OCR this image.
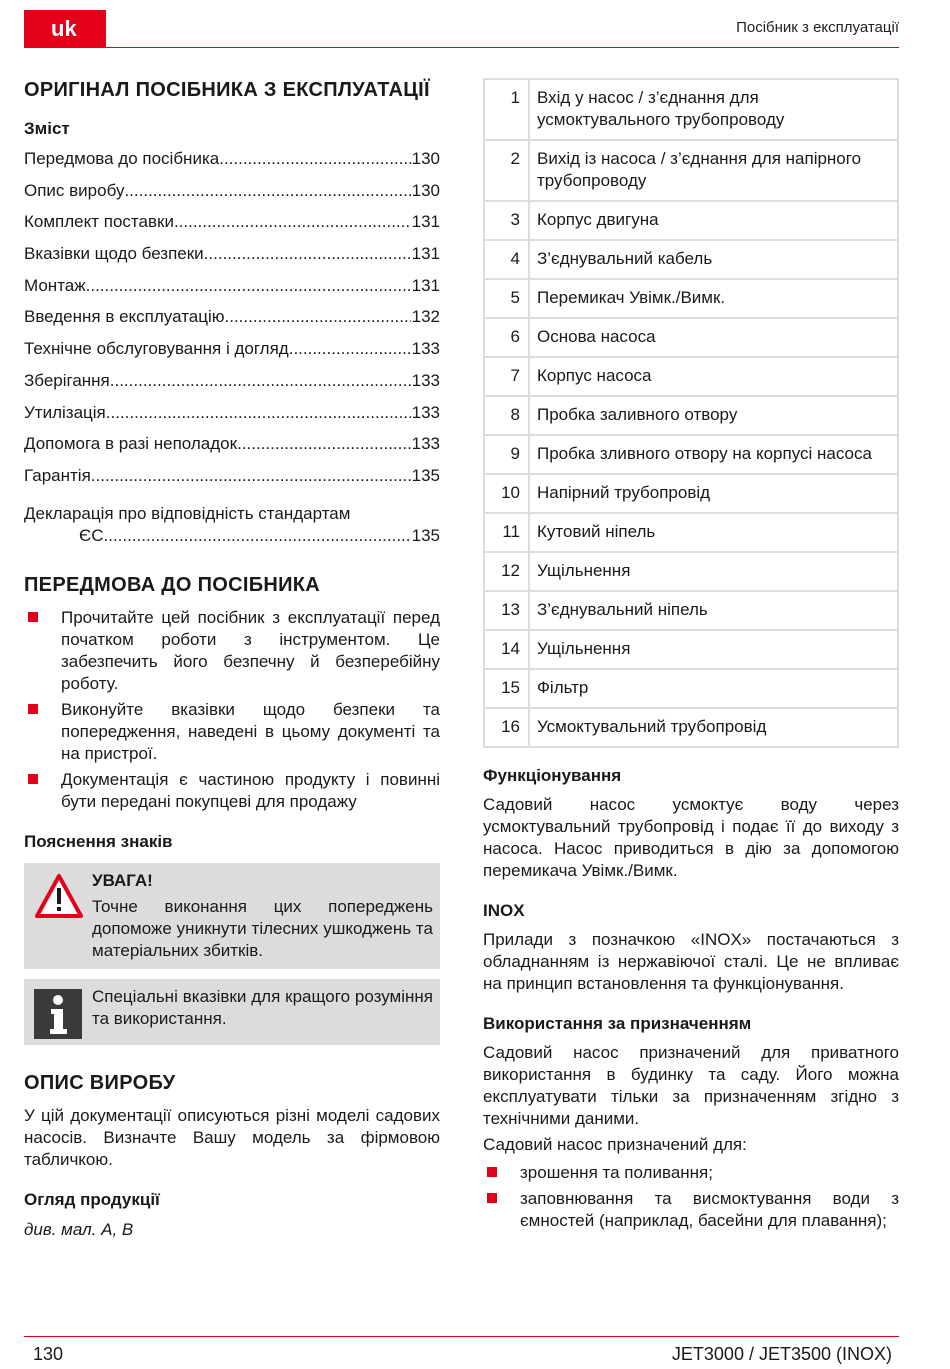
uk	Посібник з експлуатації
ОРИГІНАЛ ПОСІБНИКА З ЕКСПЛУАТАЦІЇ
Зміст
Передмова до посібника .....	130
Опис виробу .....	130
Комплект поставки .....	131
Вказівки щодо безпеки .....	131
Монтаж .....	131
Введення в експлуатацію .....	132
Технічне обслуговування і догляд .....	133
Зберігання .....	133
Утилізація .....	133
Допомога в разі неполадок .....	133
Гарантія .....	135
Декларація про відповідність стандартам
ЄС .....	135
ПЕРЕДМОВА ДО ПОСІБНИКА
Прочитайте цей посібник з експлуатації перед початком роботи з інструментом. Це забезпечить його безпечну й безперебійну роботу.
Виконуйте вказівки щодо безпеки та попередження, наведені в цьому документі та на пристрої.
Документація є частиною продукту і повинні бути передані покупцеві для продажу
Пояснення знаків
УВАГА!

Точне виконання цих попереджень допоможе уникнути тілесних ушкоджень та матеріальних збитків.

Спеціальні вказівки для кращого розуміння та використання.

ОПИС ВИРОБУ

У цій документації описуються різні моделі садових насосів. Визначте Вашу модель за фірмовою табличкою.

Огляд продукції

див. мал. A, B

1	Вхід у насос / з’єднання для усмоктувального трубопроводу
2	Вихід із насоса / з’єднання для напірного трубопроводу
3	Корпус двигуна
4	З’єднувальний кабель
5	Перемикач Увімк./Вимк.
6	Основа насоса
7	Корпус насоса
8	Пробка заливного отвору
9	Пробка зливного отвору на корпусі насоса
10	Напірний трубопровід
11	Кутовий ніпель
12	Ущільнення
13	З’єднувальний ніпель
14	Ущільнення
15	Фільтр
16	Усмоктувальний трубопровід
Функціонування

Садовий насос усмоктує воду через усмоктувальний трубопровід і подає її до виходу з насоса. Насос приводиться в дію за допомогою перемикача Увімк./Вимк.

INOX

Прилади з позначкою «INOX» постачаються з обладнанням із нержавіючої сталі. Це не впливає на принцип встановлення та функціонування.

Використання за призначенням

Садовий насос призначений для приватного використання в будинку та саду. Його можна експлуатувати тільки за призначенням згідно з технічними даними.

Садовий насос призначений для:

зрошення та поливання;
заповнювання та висмоктування води з ємностей (наприклад, басейни для плавання);
130	JET3000 / JET3500 (INOX)
